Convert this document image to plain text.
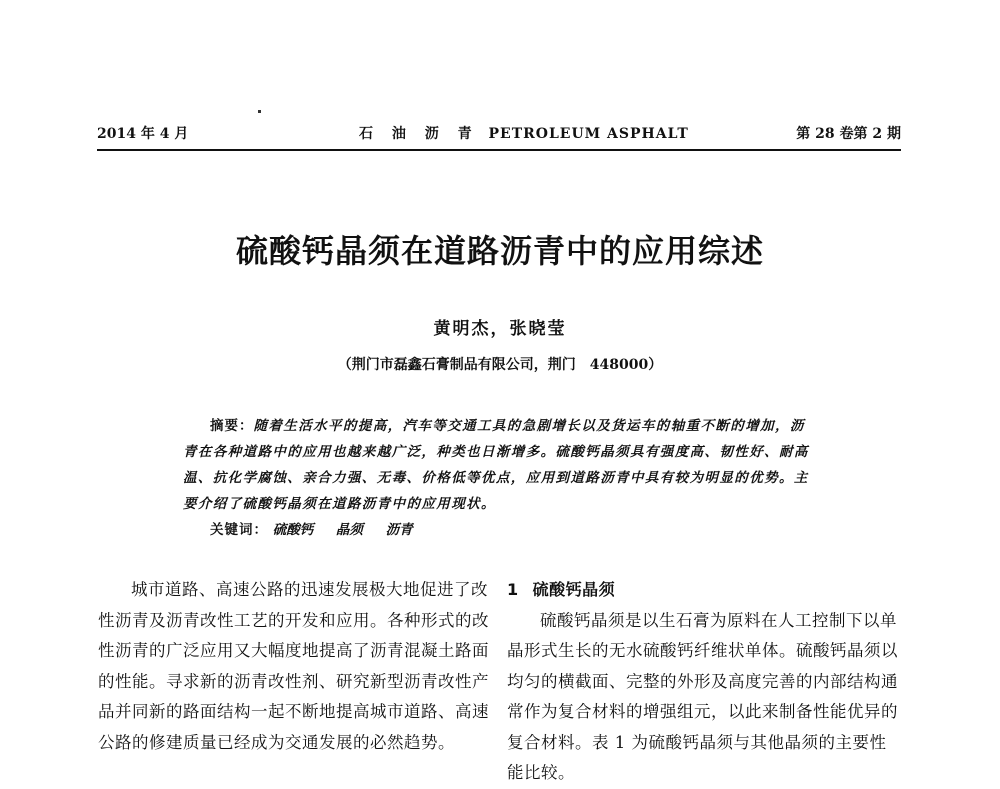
2014 年 4 月	石 油 沥 青 PETROLEUM ASPHALT	第 28 卷第 2 期
硫酸钙晶须在道路沥青中的应用综述
黄明杰，张晓莹
（荆门市磊鑫石膏制品有限公司，荆门　448000）
摘要：随着生活水平的提高，汽车等交通工具的急剧增长以及货运车的轴重不断的增加，沥青在各种道路中的应用也越来越广泛，种类也日渐增多。硫酸钙晶须具有强度高、韧性好、耐高温、抗化学腐蚀、亲合力强、无毒、价格低等优点，应用到道路沥青中具有较为明显的优势。主要介绍了硫酸钙晶须在道路沥青中的应用现状。
关键词： 硫酸钙 晶须 沥青

城市道路、高速公路的迅速发展极大地促进了改性沥青及沥青改性工艺的开发和应用。各种形式的改性沥青的广泛应用又大幅度地提高了沥青混凝土路面的性能。寻求新的沥青改性剂、研究新型沥青改性产品并同新的路面结构一起不断地提高城市道路、高速公路的修建质量已经成为交通发展的必然趋势。

1 硫酸钙晶须

硫酸钙晶须是以生石膏为原料在人工控制下以单晶形式生长的无水硫酸钙纤维状单体。硫酸钙晶须以均匀的横截面、完整的外形及高度完善的内部结构通常作为复合材料的增强组元，以此来制备性能优异的复合材料。表 1 为硫酸钙晶须与其他晶须的主要性能比较。
